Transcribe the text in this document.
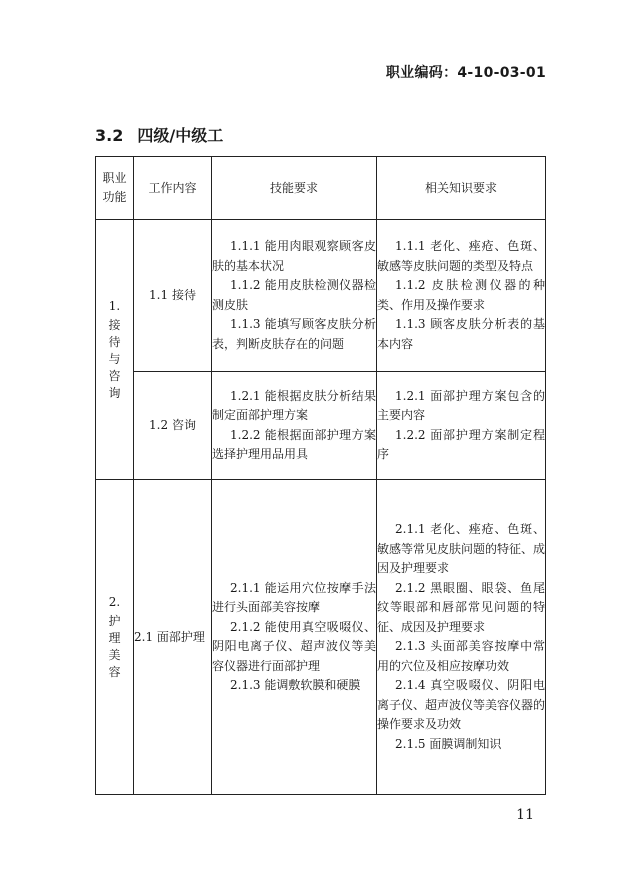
职业编码：4-10-03-01
3.2 四级/中级工
职业功能	工作内容	技能要求	相关知识要求

1.
接待与咨询	1.1 接待	1.1.1 能用肉眼观察顾客皮肤的基本状况
1.1.2 能用皮肤检测仪器检测皮肤
1.1.3 能填写顾客皮肤分析表，判断皮肤存在的问题	1.1.1 老化、痤疮、色斑、敏感等皮肤问题的类型及特点
1.1.2 皮肤检测仪器的种类、作用及操作要求
1.1.3 顾客皮肤分析表的基本内容

	1.2 咨询	1.2.1 能根据皮肤分析结果制定面部护理方案
1.2.2 能根据面部护理方案选择护理用品用具	1.2.1 面部护理方案包含的主要内容
1.2.2 面部护理方案制定程序

2.
护理美容	2.1 面部护理	2.1.1 能运用穴位按摩手法进行头面部美容按摩
2.1.2 能使用真空吸啜仪、阴阳电离子仪、超声波仪等美容仪器进行面部护理
2.1.3 能调敷软膜和硬膜	2.1.1 老化、痤疮、色斑、敏感等常见皮肤问题的特征、成因及护理要求
2.1.2 黑眼圈、眼袋、鱼尾纹等眼部和唇部常见问题的特征、成因及护理要求
2.1.3 头面部美容按摩中常用的穴位及相应按摩功效
2.1.4 真空吸啜仪、阴阳电离子仪、超声波仪等美容仪器的操作要求及功效
2.1.5 面膜调制知识
11
